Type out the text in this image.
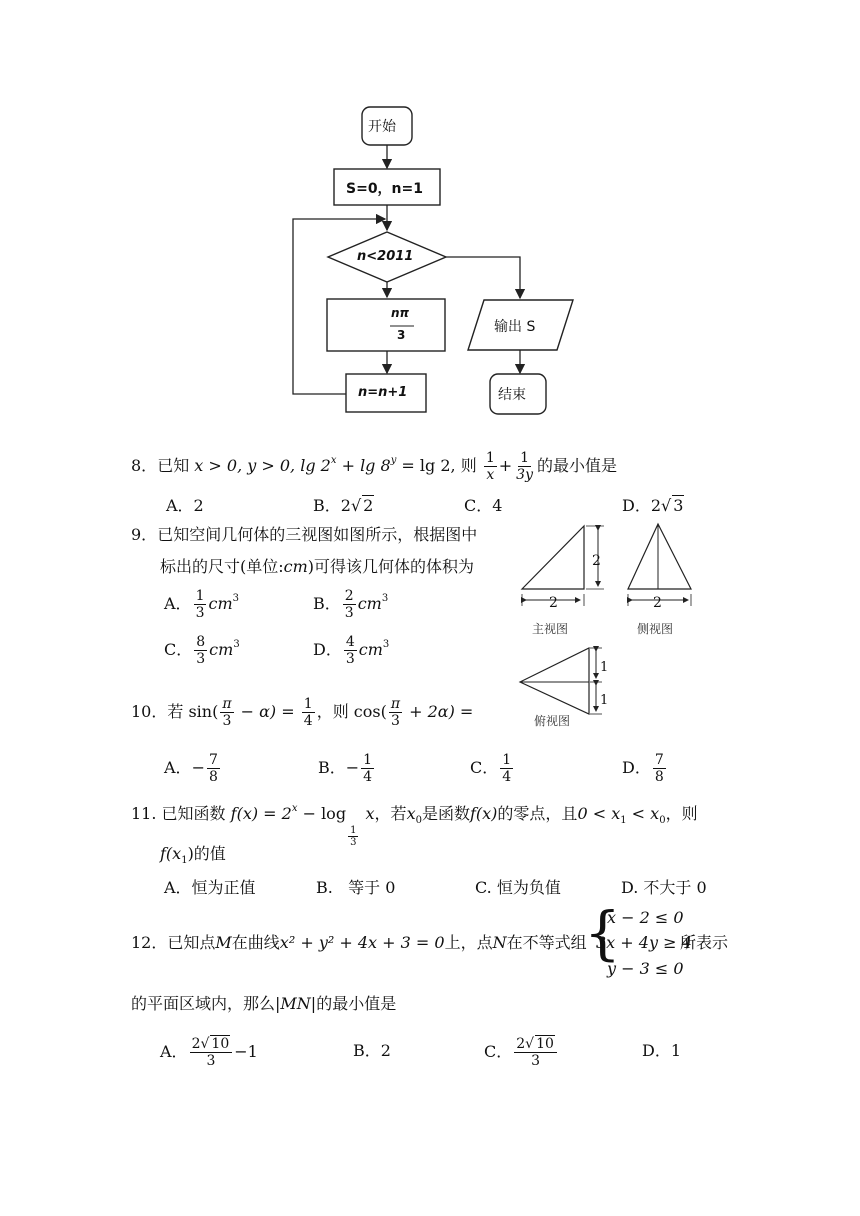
开始
S=0，n=1
n<2011
nπ
3
n=n+1
输出 S
结束
8．已知 x > 0, y > 0, $\lg 2^x + \lg 8^y = \lg 2$, 则 $\frac{1}{x} + \frac{1}{3y}$ 的最小值是
A．2	B．2√ 2	C．4	D．2√ 3
9．已知空间几何体的三视图如图所示，根据图中
标出的尺寸(单位:cm)可得该几何体的体积为
A． $\frac{1}{3} cm^3$	B． $\frac{2}{3} cm^3$
C． $\frac{8}{3} cm^3$	D． $\frac{4}{3} cm^3$
2
2	2
主视图	侧视图
1
1
俯视图
10．若 $\sin( \frac{\pi}{3} - \alpha) = \frac{1}{4}$ ，则 $\cos( \frac{\pi}{3} + 2\alpha)$ =
A．− $\frac{7}{8}$	B．− $\frac{1}{4}$	C． $\frac{1}{4}$	D． $\frac{7}{8}$
11. 已知函数 $f(x) = 2^x - \log$
$\frac{1}{3}$
x，若$x_0$是函数f(x)的零点，且$0 < x_1 < x_0$，则
$f(x_1)$的值
A．恒为正值	B.   等于 0	C. 恒为负值	D. 不大于 0
12．已知点M在曲线x² + y² + 4x + 3 = 0上，点N在不等式组
{
x − 2 ≤ 0
3x + 4y ≥ 4
y − 3 ≤ 0
所表示
的平面区域内，那么|MN|的最小值是
A． $\frac{2√ 10}{3} -1$	B．2	C． $\frac{2√ 10}{3}$	D．1
